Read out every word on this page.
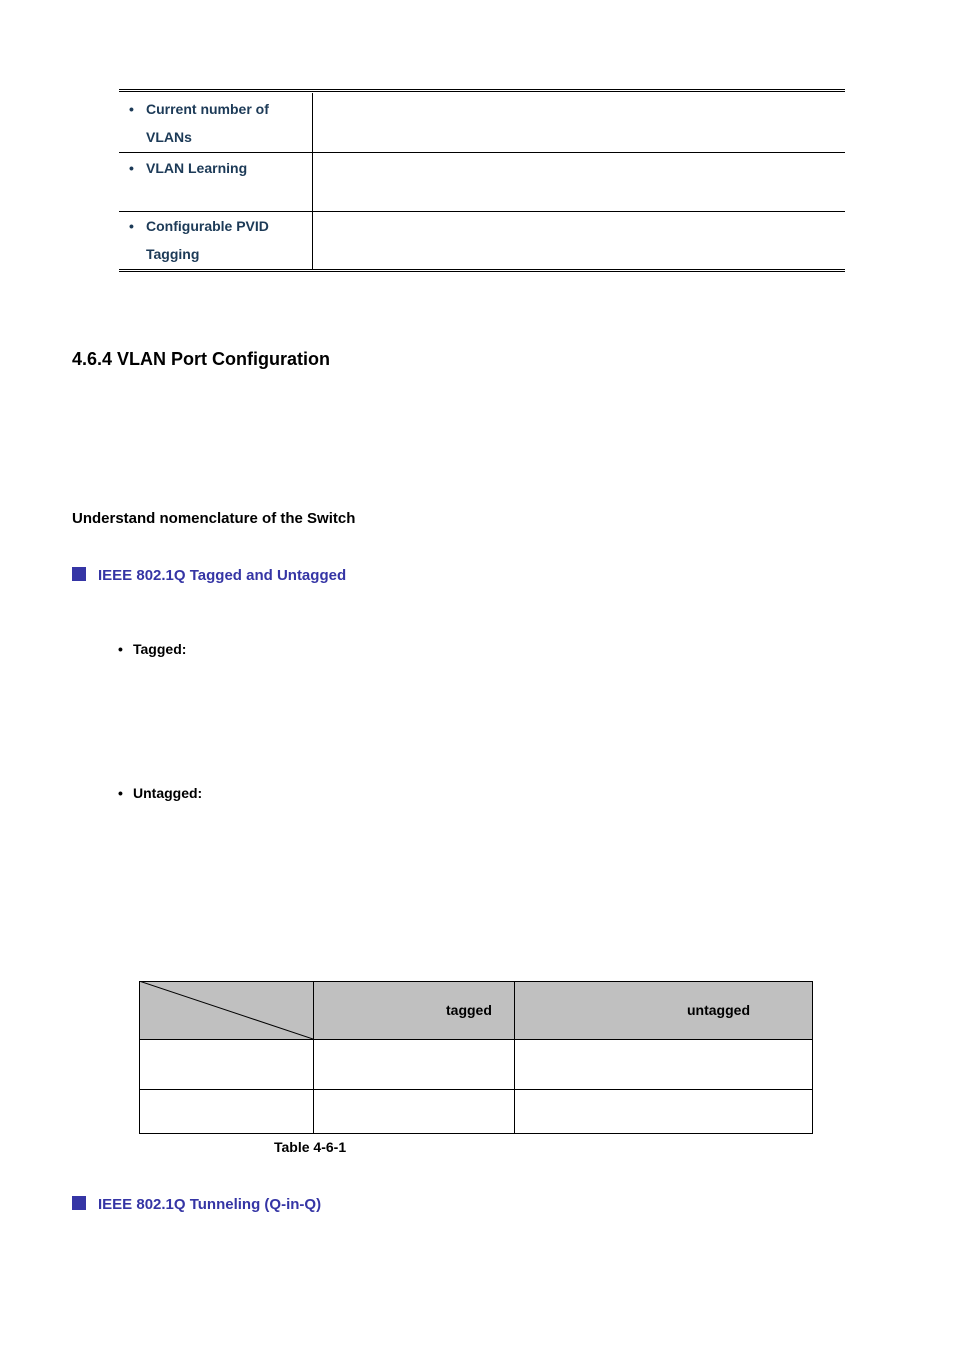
• Current number of VLANs
• VLAN Learning
• Configurable PVID Tagging
4.6.4 VLAN Port Configuration
Understand nomenclature of the Switch
IEEE 802.1Q Tagged and Untagged
• Tagged:
• Untagged:
tagged	untagged
Table 4-6-1
IEEE 802.1Q Tunneling (Q-in-Q)
